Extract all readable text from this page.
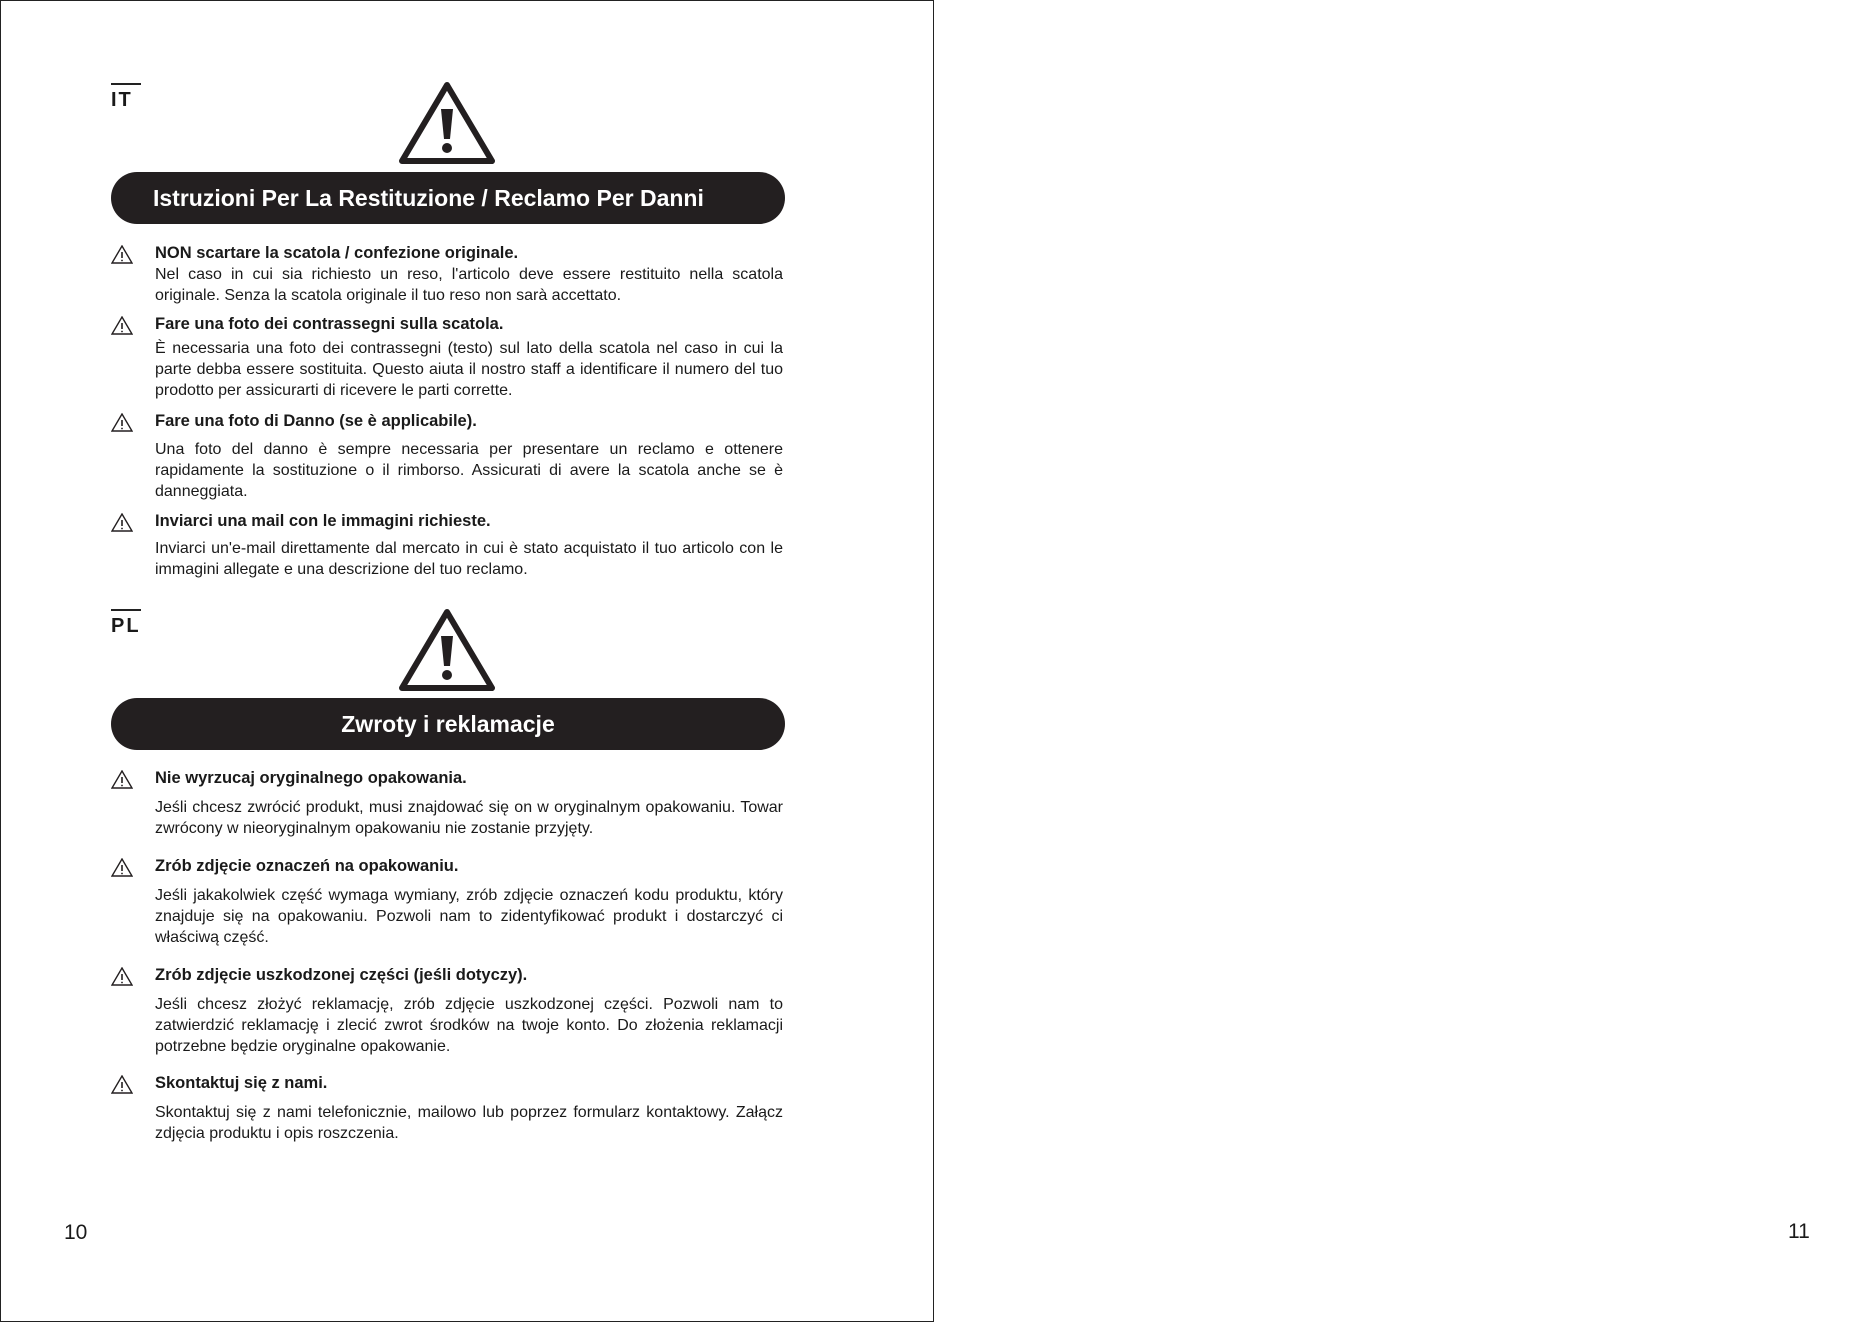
IT
Istruzioni Per La Restituzione / Reclamo Per Danni
NON scartare la scatola / confezione originale.
Nel caso in cui sia richiesto un reso, l'articolo deve essere restituito nella scatola originale. Senza la scatola originale il tuo reso non sarà accettato.
Fare una foto dei contrassegni sulla scatola.
È necessaria una foto dei contrassegni (testo) sul lato della scatola nel caso in cui la parte debba essere sostituita. Questo aiuta il nostro staff a identificare il numero del tuo prodotto per assicurarti di ricevere le parti corrette.
Fare una foto di Danno (se è applicabile).
Una foto del danno è sempre necessaria per presentare un reclamo e ottenere rapidamente la sostituzione o il rimborso. Assicurati di avere la scatola anche se è danneggiata.
Inviarci una mail con le immagini richieste.
Inviarci un'e-mail direttamente dal mercato in cui è stato acquistato il tuo articolo con le immagini allegate e una descrizione del tuo reclamo.
PL
Zwroty i reklamacje
Nie wyrzucaj oryginalnego opakowania.
Jeśli chcesz zwrócić produkt, musi znajdować się on w oryginalnym opakowaniu. Towar zwrócony w nieoryginalnym opakowaniu nie zostanie przyjęty.
Zrób zdjęcie oznaczeń na opakowaniu.
Jeśli jakakolwiek część wymaga wymiany, zrób zdjęcie oznaczeń kodu produktu, który znajduje się na opakowaniu. Pozwoli nam to zidentyfikować produkt i dostarczyć ci właściwą część.
Zrób zdjęcie uszkodzonej części (jeśli dotyczy).
Jeśli chcesz złożyć reklamację, zrób zdjęcie uszkodzonej części. Pozwoli nam to zatwierdzić reklamację i zlecić zwrot środków na twoje konto. Do złożenia reklamacji potrzebne będzie oryginalne opakowanie.
Skontaktuj się z nami.
Skontaktuj się z nami telefonicznie, mailowo lub poprzez formularz kontaktowy. Załącz zdjęcia produktu i opis roszczenia.
10	11
